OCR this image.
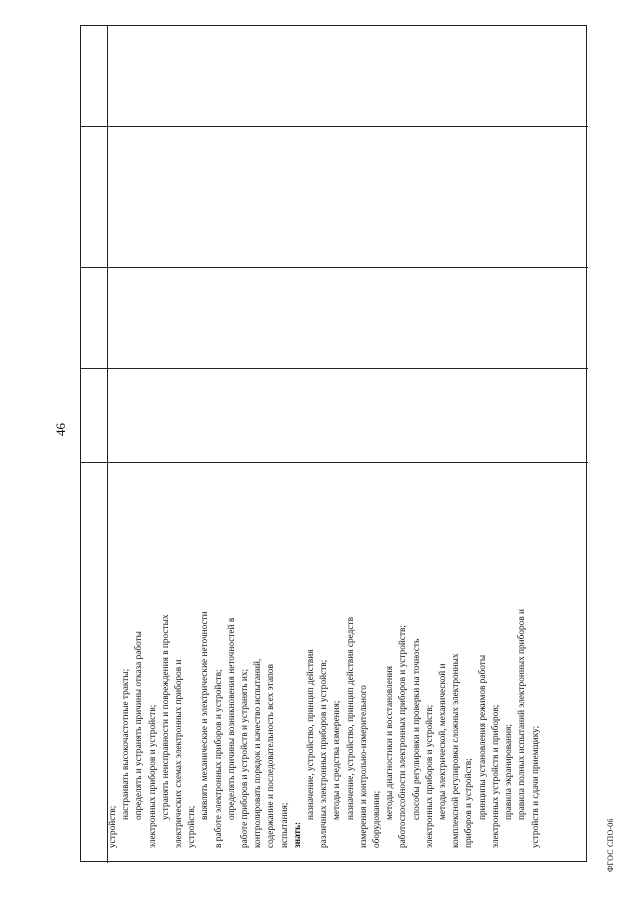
46
устройств;
настраивать высокочастотные тракты; определять и устранять причины отказа работы электронных приборов и устройств; устранять неисправности и повреждения в простых электрических схемах электронных приборов и устройств;
выявлять механические и электрические неточности в работе электронных приборов и устройств; определять причины возникновения неточностей в работе приборов и устройств и устранять их; контролировать порядок и качество испытаний, содержание и последовательность всех этапов испытания; знать:
назначение, устройство, принцип действия различных электронных приборов и устройств; методы и средства измерения; назначение, устройство, принцип действия средств измерения и контрольно-измерительного оборудования; методы диагностики и восстановления работоспособности электронных приборов и устройств; способы регулировки и проверки на точность электронных приборов и устройств; методы электрической, механической и комплексной регулировки сложных электронных приборов и устройств; принципы установления режимов работы электронных устройств и приборов; правила экранирования; правила полных испытаний электронных приборов и устройств и сдачи приемщику;	ФГОС СПО-06
